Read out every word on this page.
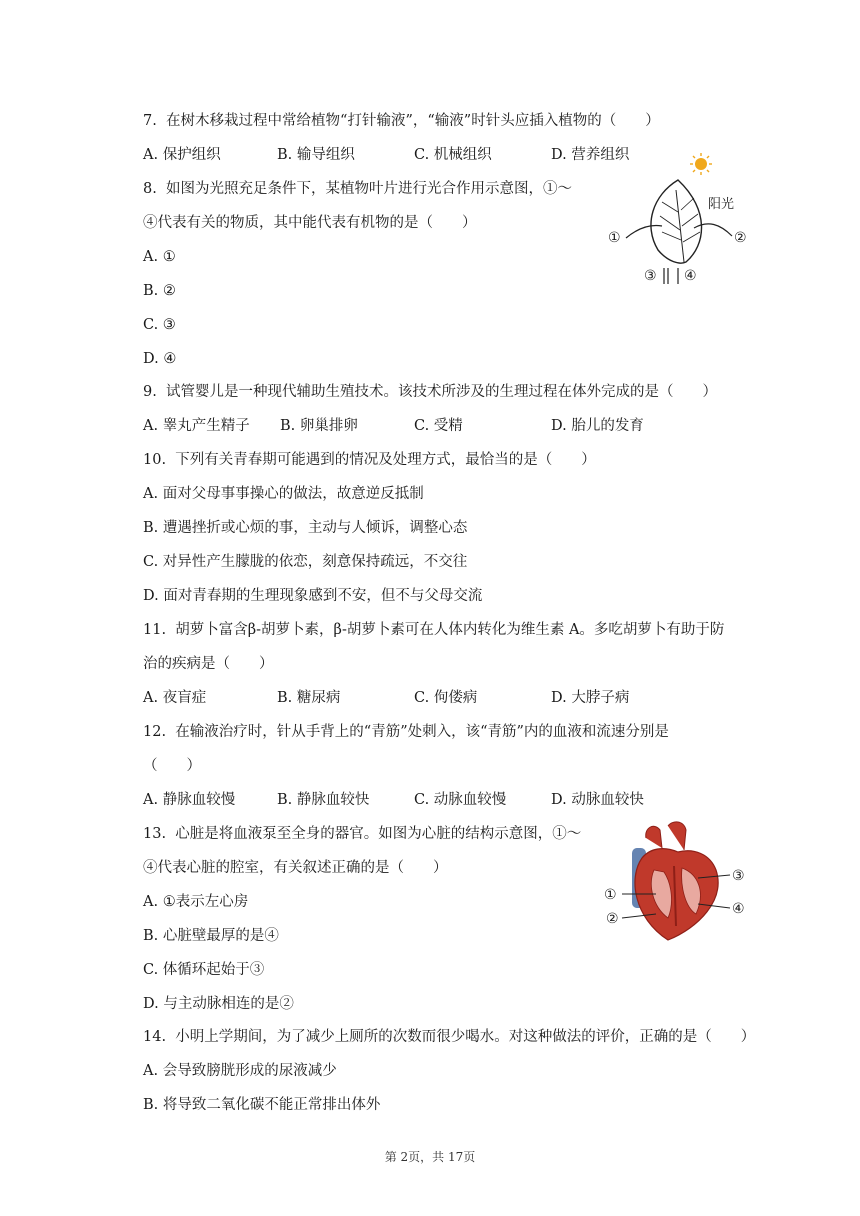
7.  在树木移栽过程中常给植物“打针输液”，“输液”时针头应插入植物的（　　）
A. 保护组织	B. 输导组织	C. 机械组织	D. 营养组织
8.  如图为光照充足条件下，某植物叶片进行光合作用示意图，①～
④代表有关的物质，其中能代表有机物的是（　　）
A. ①
B. ②
C. ③
D. ④
阳光
①	②
③ ④
9.  试管婴儿是一种现代辅助生殖技术。该技术所涉及的生理过程在体外完成的是（　　）
A. 睾丸产生精子 B. 卵巢排卵	C. 受精	D. 胎儿的发育
10.  下列有关青春期可能遇到的情况及处理方式，最恰当的是（　　）
A. 面对父母事事操心的做法，故意逆反抵制
B. 遭遇挫折或心烦的事，主动与人倾诉，调整心态
C. 对异性产生朦胧的依恋，刻意保持疏远，不交往
D. 面对青春期的生理现象感到不安，但不与父母交流
11.  胡萝卜富含β-胡萝卜素，β-胡萝卜素可在人体内转化为维生素 A。多吃胡萝卜有助于防
治的疾病是（　　）
A. 夜盲症	B. 糖尿病	C. 佝偻病	D. 大脖子病
12.  在输液治疗时，针从手背上的“青筋”处刺入，该“青筋”内的血液和流速分别是
（　　）
A. 静脉血较慢	B. 静脉血较快	C. 动脉血较慢	D. 动脉血较快
13.  心脏是将血液泵至全身的器官。如图为心脏的结构示意图，①～
④代表心脏的腔室，有关叙述正确的是（　　）
A. ①表示左心房
B. 心脏壁最厚的是④
C. 体循环起始于③
D. 与主动脉相连的是②
①
②
③
④
14.  小明上学期间，为了减少上厕所的次数而很少喝水。对这种做法的评价，正确的是（　　）
A. 会导致膀胱形成的尿液减少
B. 将导致二氧化碳不能正常排出体外
第 2页，共 17页
